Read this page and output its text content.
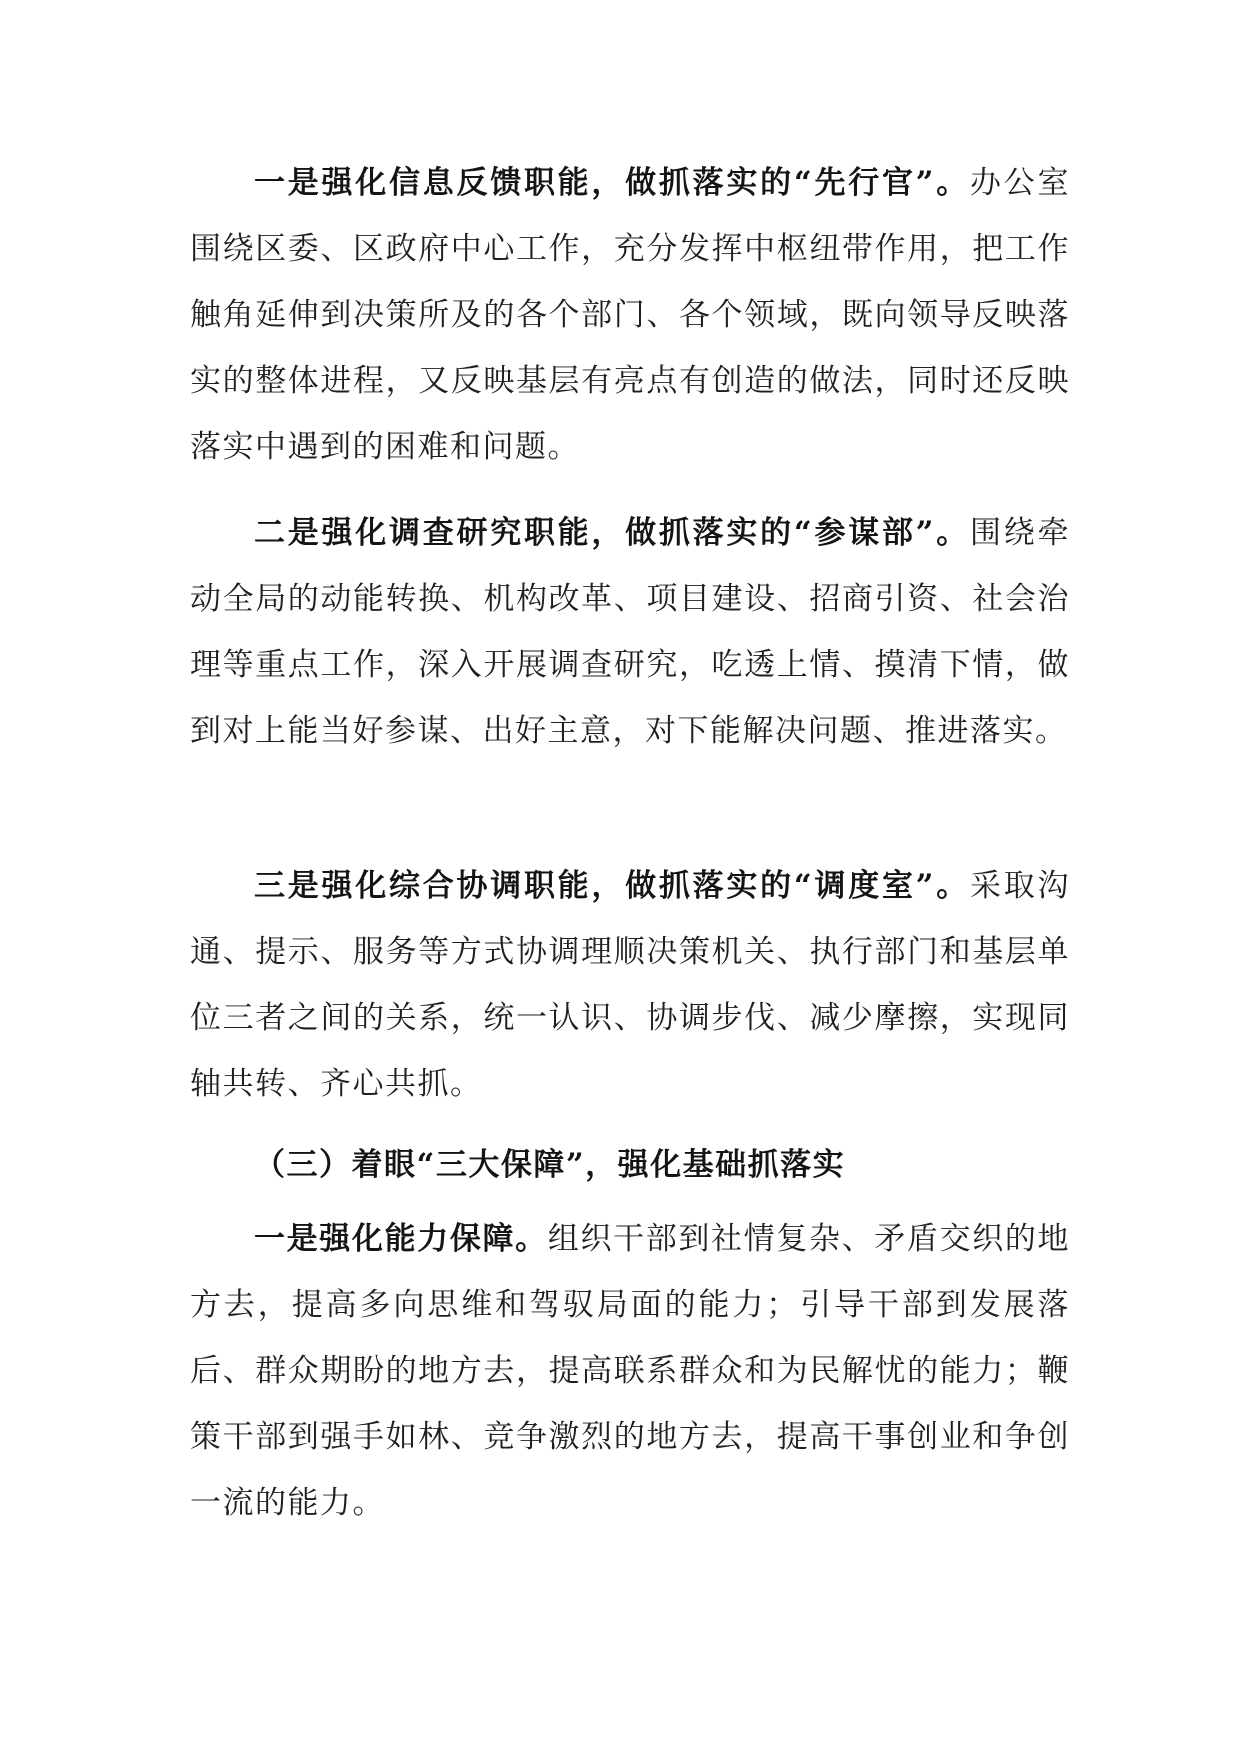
一是强化信息反馈职能，做抓落实的“先行官”。办公室围绕区委、区政府中心工作，充分发挥中枢纽带作用，把工作触角延伸到决策所及的各个部门、各个领域，既向领导反映落实的整体进程，又反映基层有亮点有创造的做法，同时还反映落实中遇到的困难和问题。

二是强化调查研究职能，做抓落实的“参谋部”。围绕牵动全局的动能转换、机构改革、项目建设、招商引资、社会治理等重点工作，深入开展调查研究，吃透上情、摸清下情，做到对上能当好参谋、出好主意，对下能解决问题、推进落实。

三是强化综合协调职能，做抓落实的“调度室”。采取沟通、提示、服务等方式协调理顺决策机关、执行部门和基层单位三者之间的关系，统一认识、协调步伐、减少摩擦，实现同轴共转、齐心共抓。

（三）着眼“三大保障”，强化基础抓落实

一是强化能力保障。组织干部到社情复杂、矛盾交织的地方去，提高多向思维和驾驭局面的能力；引导干部到发展落后、群众期盼的地方去，提高联系群众和为民解忧的能力；鞭策干部到强手如林、竞争激烈的地方去，提高干事创业和争创一流的能力。
